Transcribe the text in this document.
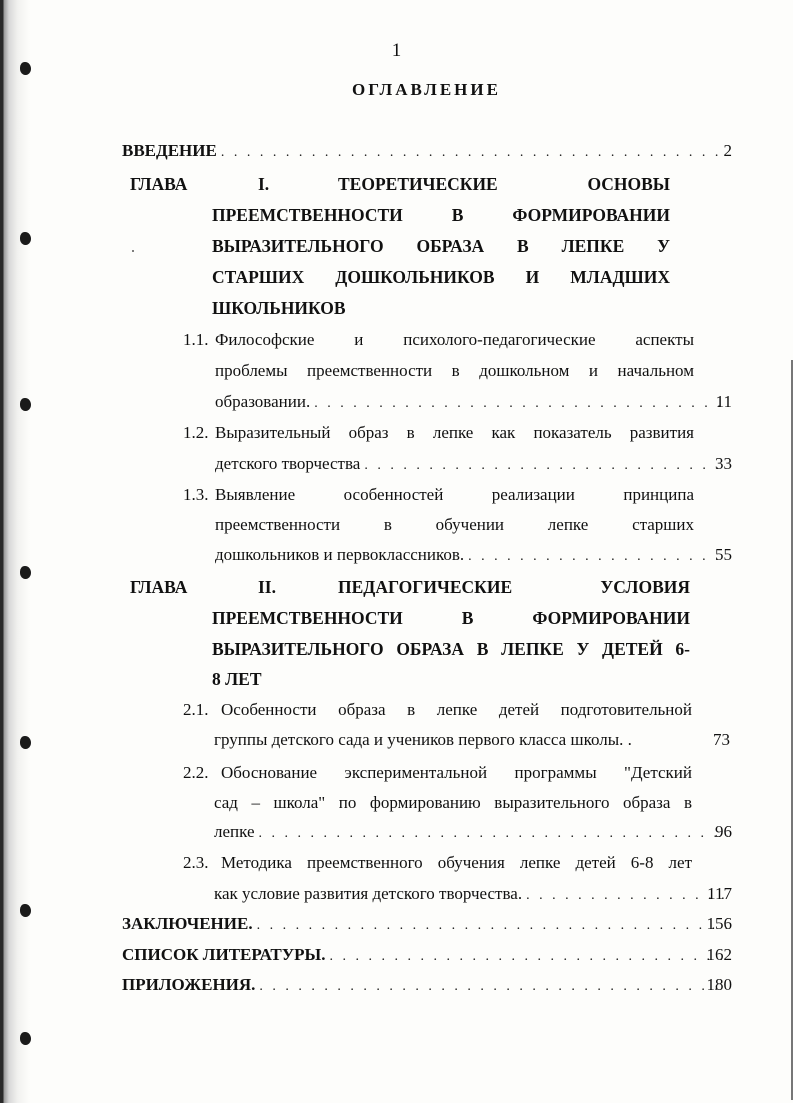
1
ОГЛАВЛЕНИЕ
ВВЕДЕНИЕ . . .	2
ГЛАВА	I.	ТЕОРЕТИЧЕСКИЕ ОСНОВЫ
ПРЕЕМСТВЕННОСТИ В ФОРМИРОВАНИИ
ВЫРАЗИТЕЛЬНОГО ОБРАЗА В ЛЕПКЕ У
СТАРШИХ ДОШКОЛЬНИКОВ И МЛАДШИХ
ШКОЛЬНИКОВ
1.1. Философские и психолого-педагогические аспекты
проблемы преемственности в дошкольном и начальном
образовании. . . .	11
1.2. Выразительный образ в лепке как показатель развития
детского творчества . . .	33
1.3. Выявление особенностей реализации принципа
преемственности в обучении лепке старших
дошкольников и первоклассников. . . .	55
ГЛАВА	II.	ПЕДАГОГИЧЕСКИЕ УСЛОВИЯ
ПРЕЕМСТВЕННОСТИ В ФОРМИРОВАНИИ
ВЫРАЗИТЕЛЬНОГО ОБРАЗА В ЛЕПКЕ У ДЕТЕЙ 6-
8 ЛЕТ
2.1. Особенности образа в лепке детей подготовительной
группы детского сада и учеников первого класса школы. .	73
2.2. Обоснование экспериментальной программы "Детский
сад – школа" по формированию выразительного образа в
лепке . . .	96
2.3. Методика преемственного обучения лепке детей 6-8 лет
как условие развития детского творчества. . . .	117
ЗАКЛЮЧЕНИЕ. . . .	156
СПИСОК ЛИТЕРАТУРЫ. . . .	162
ПРИЛОЖЕНИЯ. . . .	180
